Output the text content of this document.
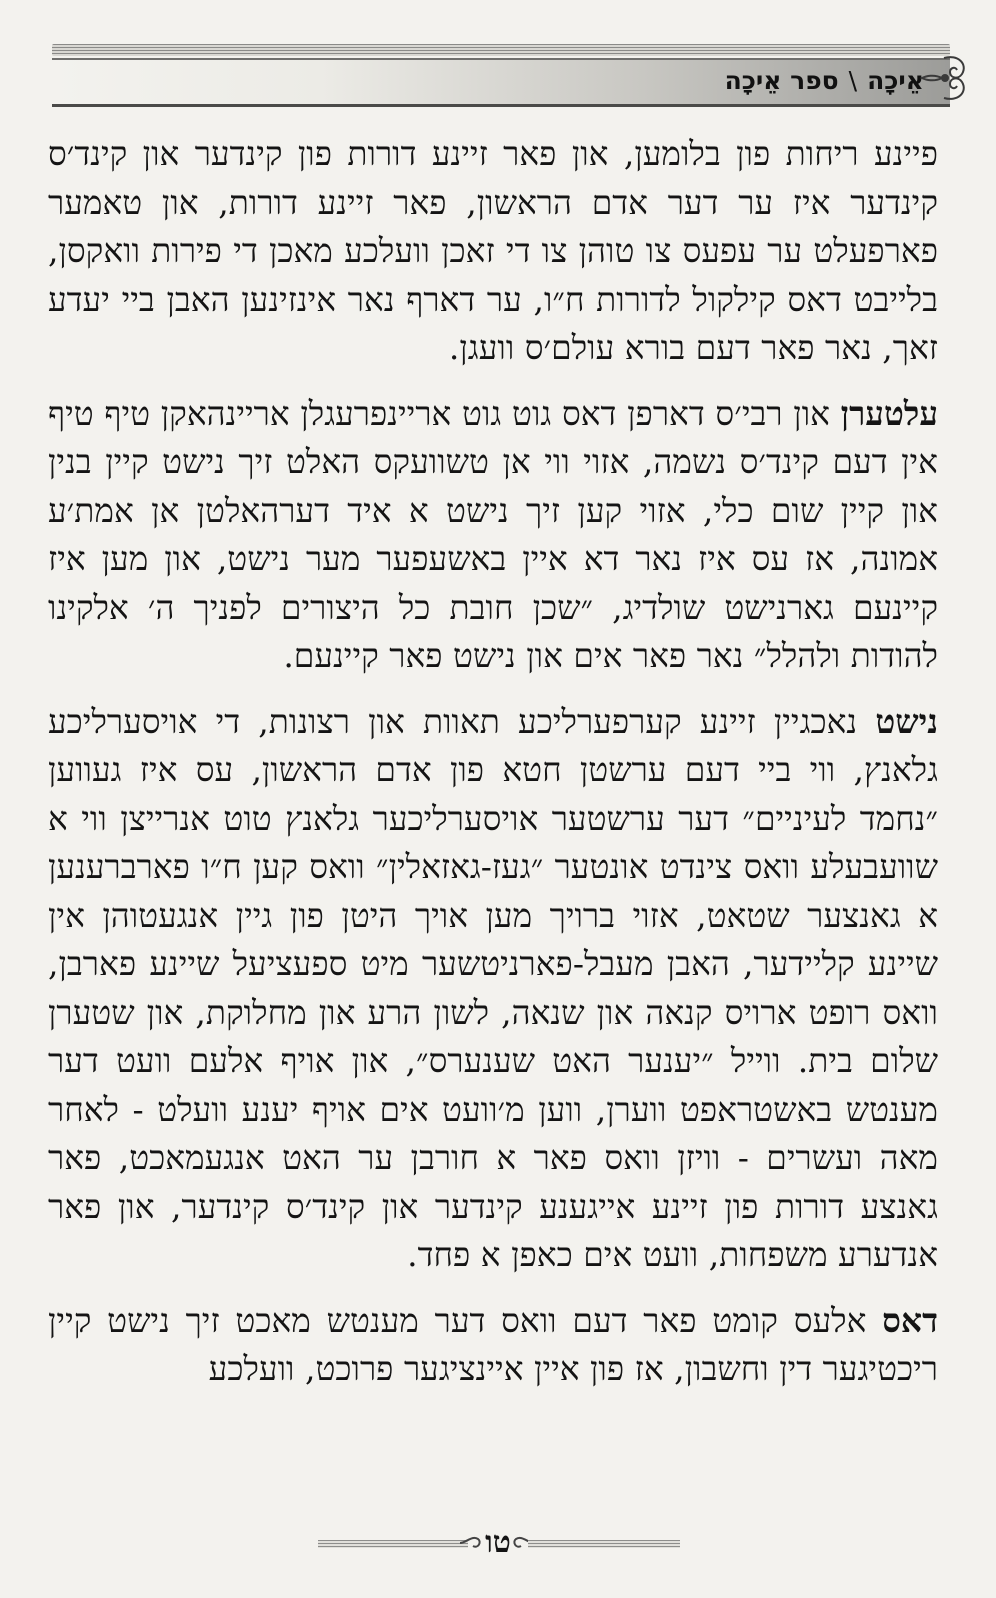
אֵיכָה
\
ספר אֵיכָה

פיינע ריחות פון בלומען, און פאר זיינע דורות פון קינדער און קינד׳ס קינדער איז ער דער אדם הראשון, פאר זיינע דורות, און טאמער פארפעלט ער עפעס צו טוהן צו די זאכן וועלכע מאכן די פירות וואקסן, בלייבט דאס קילקול לדורות ח״ו, ער דארף נאר אינזינען האבן ביי יעדע זאך, נאר פאר דעם בורא עולם׳ס וועגן.

עלטערן און רבי׳ס דארפן דאס גוט גוט אריינפרעגלן אריינהאקן טיף טיף אין דעם קינד׳ס נשמה, אזוי ווי אן טשוועקס האלט זיך נישט קיין בנין און קיין שום כלי, אזוי קען זיך נישט א איד דערהאלטן אן אמת׳ע אמונה, אז עס איז נאר דא איין באשעפער מער נישט, און מען איז קיינעם גארנישט שולדיג, ״שכן חובת כל היצורים לפניך ה׳ אלקינו להודות ולהלל״ נאר פאר אים און נישט פאר קיינעם.

נישט נאכגיין זיינע קערפערליכע תאוות און רצונות, די אויסערליכע גלאנץ, ווי ביי דעם ערשטן חטא פון אדם הראשון, עס איז געווען ״נחמד לעיניים״ דער ערשטער אויסערליכער גלאנץ טוט אנרייצן ווי א שוועבעלע וואס צינדט אונטער ״געז-גאזאלין״ וואס קען ח״ו פארברענען א גאנצער שטאט, אזוי ברויך מען אויך היטן פון גיין אנגעטוהן אין שיינע קליידער, האבן מעבל-פארניטשער מיט ספעציעל שיינע פארבן, וואס רופט ארויס קנאה און שנאה, לשון הרע און מחלוקת, און שטערן שלום בית. ווייל ״יענער האט שענערס״, און אויף אלעם וועט דער מענטש באשטראפט ווערן, ווען מ׳וועט אים אויף יענע וועלט - לאחר מאה ועשרים - וויזן וואס פאר א חורבן ער האט אנגעמאכט, פאר גאנצע דורות פון זיינע אייגענע קינדער און קינד׳ס קינדער, און פאר אנדערע משפחות, וועט אים כאפן א פחד.

דאס אלעס קומט פאר דעם וואס דער מענטש מאכט זיך נישט קיין ריכטיגער דין וחשבון, אז פון איין איינציגער פרוכט, וועלכע

טו
